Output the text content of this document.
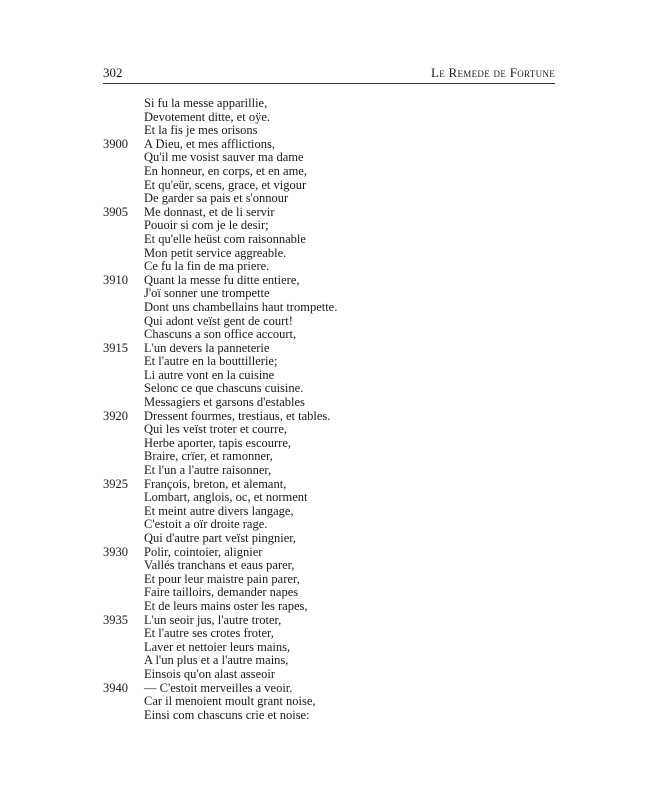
302	Le Remede de Fortune
Si fu la messe apparillie,
Devotement ditte, et oÿe.
Et la fis je mes orisons
3900	A Dieu, et mes afflictions,
Qu'il me vosist sauver ma dame
En honneur, en corps, et en ame,
Et qu'eür, scens, grace, et vigour
De garder sa pais et s'onnour
3905	Me donnast, et de li servir
Pouoir si com je le desir;
Et qu'elle heüst com raisonnable
Mon petit service aggreable.
Ce fu la fin de ma priere.
3910	Quant la messe fu ditte entiere,
J'oï sonner une trompette
Dont uns chambellains haut trompette.
Qui adont veïst gent de court!
Chascuns a son office accourt,
3915	L'un devers la panneterie
Et l'autre en la bouttillerie;
Li autre vont en la cuisine
Selonc ce que chascuns cuisine.
Messagiers et garsons d'estables
3920	Dressent fourmes, trestiaus, et tables.
Qui les veïst troter et courre,
Herbe aporter, tapis escourre,
Braire, crïer, et ramonner,
Et l'un a l'autre raisonner,
3925	François, breton, et alemant,
Lombart, anglois, oc, et norment
Et meint autre divers langage,
C'estoit a oïr droite rage.
Qui d'autre part veïst pingnier,
3930	Polir, cointoier, alignier
Vallés tranchans et eaus parer,
Et pour leur maistre pain parer,
Faire tailloirs, demander napes
Et de leurs mains oster les rapes,
3935	L'un seoir jus, l'autre troter,
Et l'autre ses crotes froter,
Laver et nettoier leurs mains,
A l'un plus et a l'autre mains,
Einsois qu'on alast asseoir
3940	— C'estoit merveilles a veoir.
Car il menoient moult grant noise,
Einsi com chascuns crie et noise:
